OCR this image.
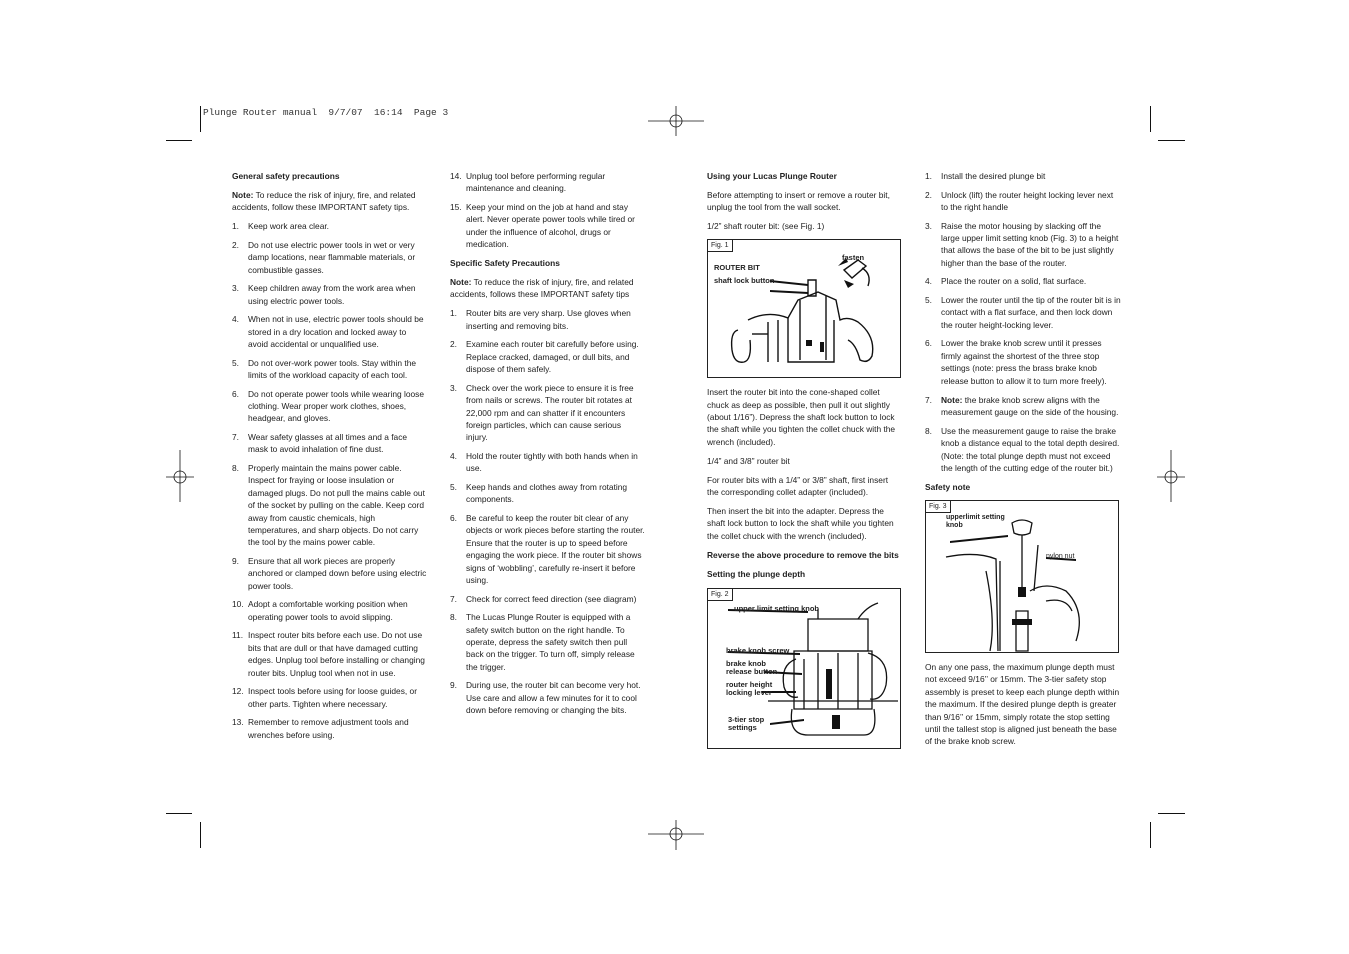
Plunge Router manual  9/7/07  16:14  Page 3

General safety precautions

Note: To reduce the risk of injury, fire, and related accidents, follow these IMPORTANT safety tips.

1. Keep work area clear.
2. Do not use electric power tools in wet or very damp locations, near flammable materials, or combustible gasses.
3. Keep children away from the work area when using electric power tools.
4. When not in use, electric power tools should be stored in a dry location and locked away to avoid accidental or unqualified use.
5. Do not over-work power tools. Stay within the limits of the workload capacity of each tool.
6. Do not operate power tools while wearing loose clothing. Wear proper work clothes, shoes, headgear, and gloves.
7. Wear safety glasses at all times and a face mask to avoid inhalation of fine dust.
8. Properly maintain the mains power cable. Inspect for fraying or loose insulation or damaged plugs. Do not pull the mains cable out of the socket by pulling on the cable. Keep cord away from caustic chemicals, high temperatures, and sharp objects. Do not carry the tool by the mains power cable.
9. Ensure that all work pieces are properly anchored or clamped down before using electric power tools.
10. Adopt a comfortable working position when operating power tools to avoid slipping.
11. Inspect router bits before each use. Do not use bits that are dull or that have damaged cutting edges. Unplug tool before installing or changing router bits. Unplug tool when not in use.
12. Inspect tools before using for loose guides, or other parts. Tighten where necessary.
13. Remember to remove adjustment tools and wrenches before using.
14. Unplug tool before performing regular maintenance and cleaning.
15. Keep your mind on the job at hand and stay alert. Never operate power tools while tired or under the influence of alcohol, drugs or medication.

Specific Safety Precautions

Note: To reduce the risk of injury, fire, and related accidents, follows these IMPORTANT safety tips

1. Router bits are very sharp. Use gloves when inserting and removing bits.
2. Examine each router bit carefully before using. Replace cracked, damaged, or dull bits, and dispose of them safely.
3. Check over the work piece to ensure it is free from nails or screws. The router bit rotates at 22,000 rpm and can shatter if it encounters foreign particles, which can cause serious injury.
4. Hold the router tightly with both hands when in use.
5. Keep hands and clothes away from rotating components.
6. Be careful to keep the router bit clear of any objects or work pieces before starting the router. Ensure that the router is up to speed before engaging the work piece. If the router bit shows signs of ‘wobbling’, carefully re-insert it before using.
7. Check for correct feed direction (see diagram)
8. The Lucas Plunge Router is equipped with a safety switch button on the right handle. To operate, depress the safety switch then pull back on the trigger. To turn off, simply release the trigger.
9. During use, the router bit can become very hot. Use care and allow a few minutes for it to cool down before removing or changing the bits.

Using your Lucas Plunge Router

Before attempting to insert or remove a router bit, unplug the tool from the wall socket.

1/2” shaft router bit: (see Fig. 1)

Fig. 1
ROUTER BIT
shaft lock button
fasten

Insert the router bit into the cone-shaped collet chuck as deep as possible, then pull it out slightly (about 1/16”). Depress the shaft lock button to lock the shaft while you tighten the collet chuck with the wrench (included).

1/4” and 3/8” router bit

For router bits with a 1/4” or 3/8” shaft, first insert the corresponding collet adapter (included).

Then insert the bit into the adapter. Depress the shaft lock button to lock the shaft while you tighten the collet chuck with the wrench (included).

Reverse the above procedure to remove the bits

Setting the plunge depth

Fig. 2
upper limit setting knob
brake knob screw
brake knob release button
router height locking lever
3-tier stop settings
1. Install the desired plunge bit
2. Unlock (lift) the router height locking lever next to the right handle
3. Raise the motor housing by slacking off the large upper limit setting knob (Fig. 3) to a height that allows the base of the bit to be just slightly higher than the base of the router.
4. Place the router on a solid, flat surface.
5. Lower the router until the tip of the router bit is in contact with a flat surface, and then lock down the router height-locking lever.
6. Lower the brake knob screw until it presses firmly against the shortest of the three stop settings (note: press the brass brake knob release button to allow it to turn more freely).
7. Note: the brake knob screw aligns with the measurement gauge on the side of the housing.
8. Use the measurement gauge to raise the brake knob a distance equal to the total depth desired. (Note: the total plunge depth must not exceed the length of the cutting edge of the router bit.)

Safety note

Fig. 3
upperlimit setting knob
nylon nut

On any one pass, the maximum plunge depth must not exceed 9/16’’ or 15mm. The 3-tier safety stop assembly is preset to keep each plunge depth within the maximum. If the desired plunge depth is greater than 9/16’’ or 15mm, simply rotate the stop setting until the tallest stop is aligned just beneath the base of the brake knob screw.
